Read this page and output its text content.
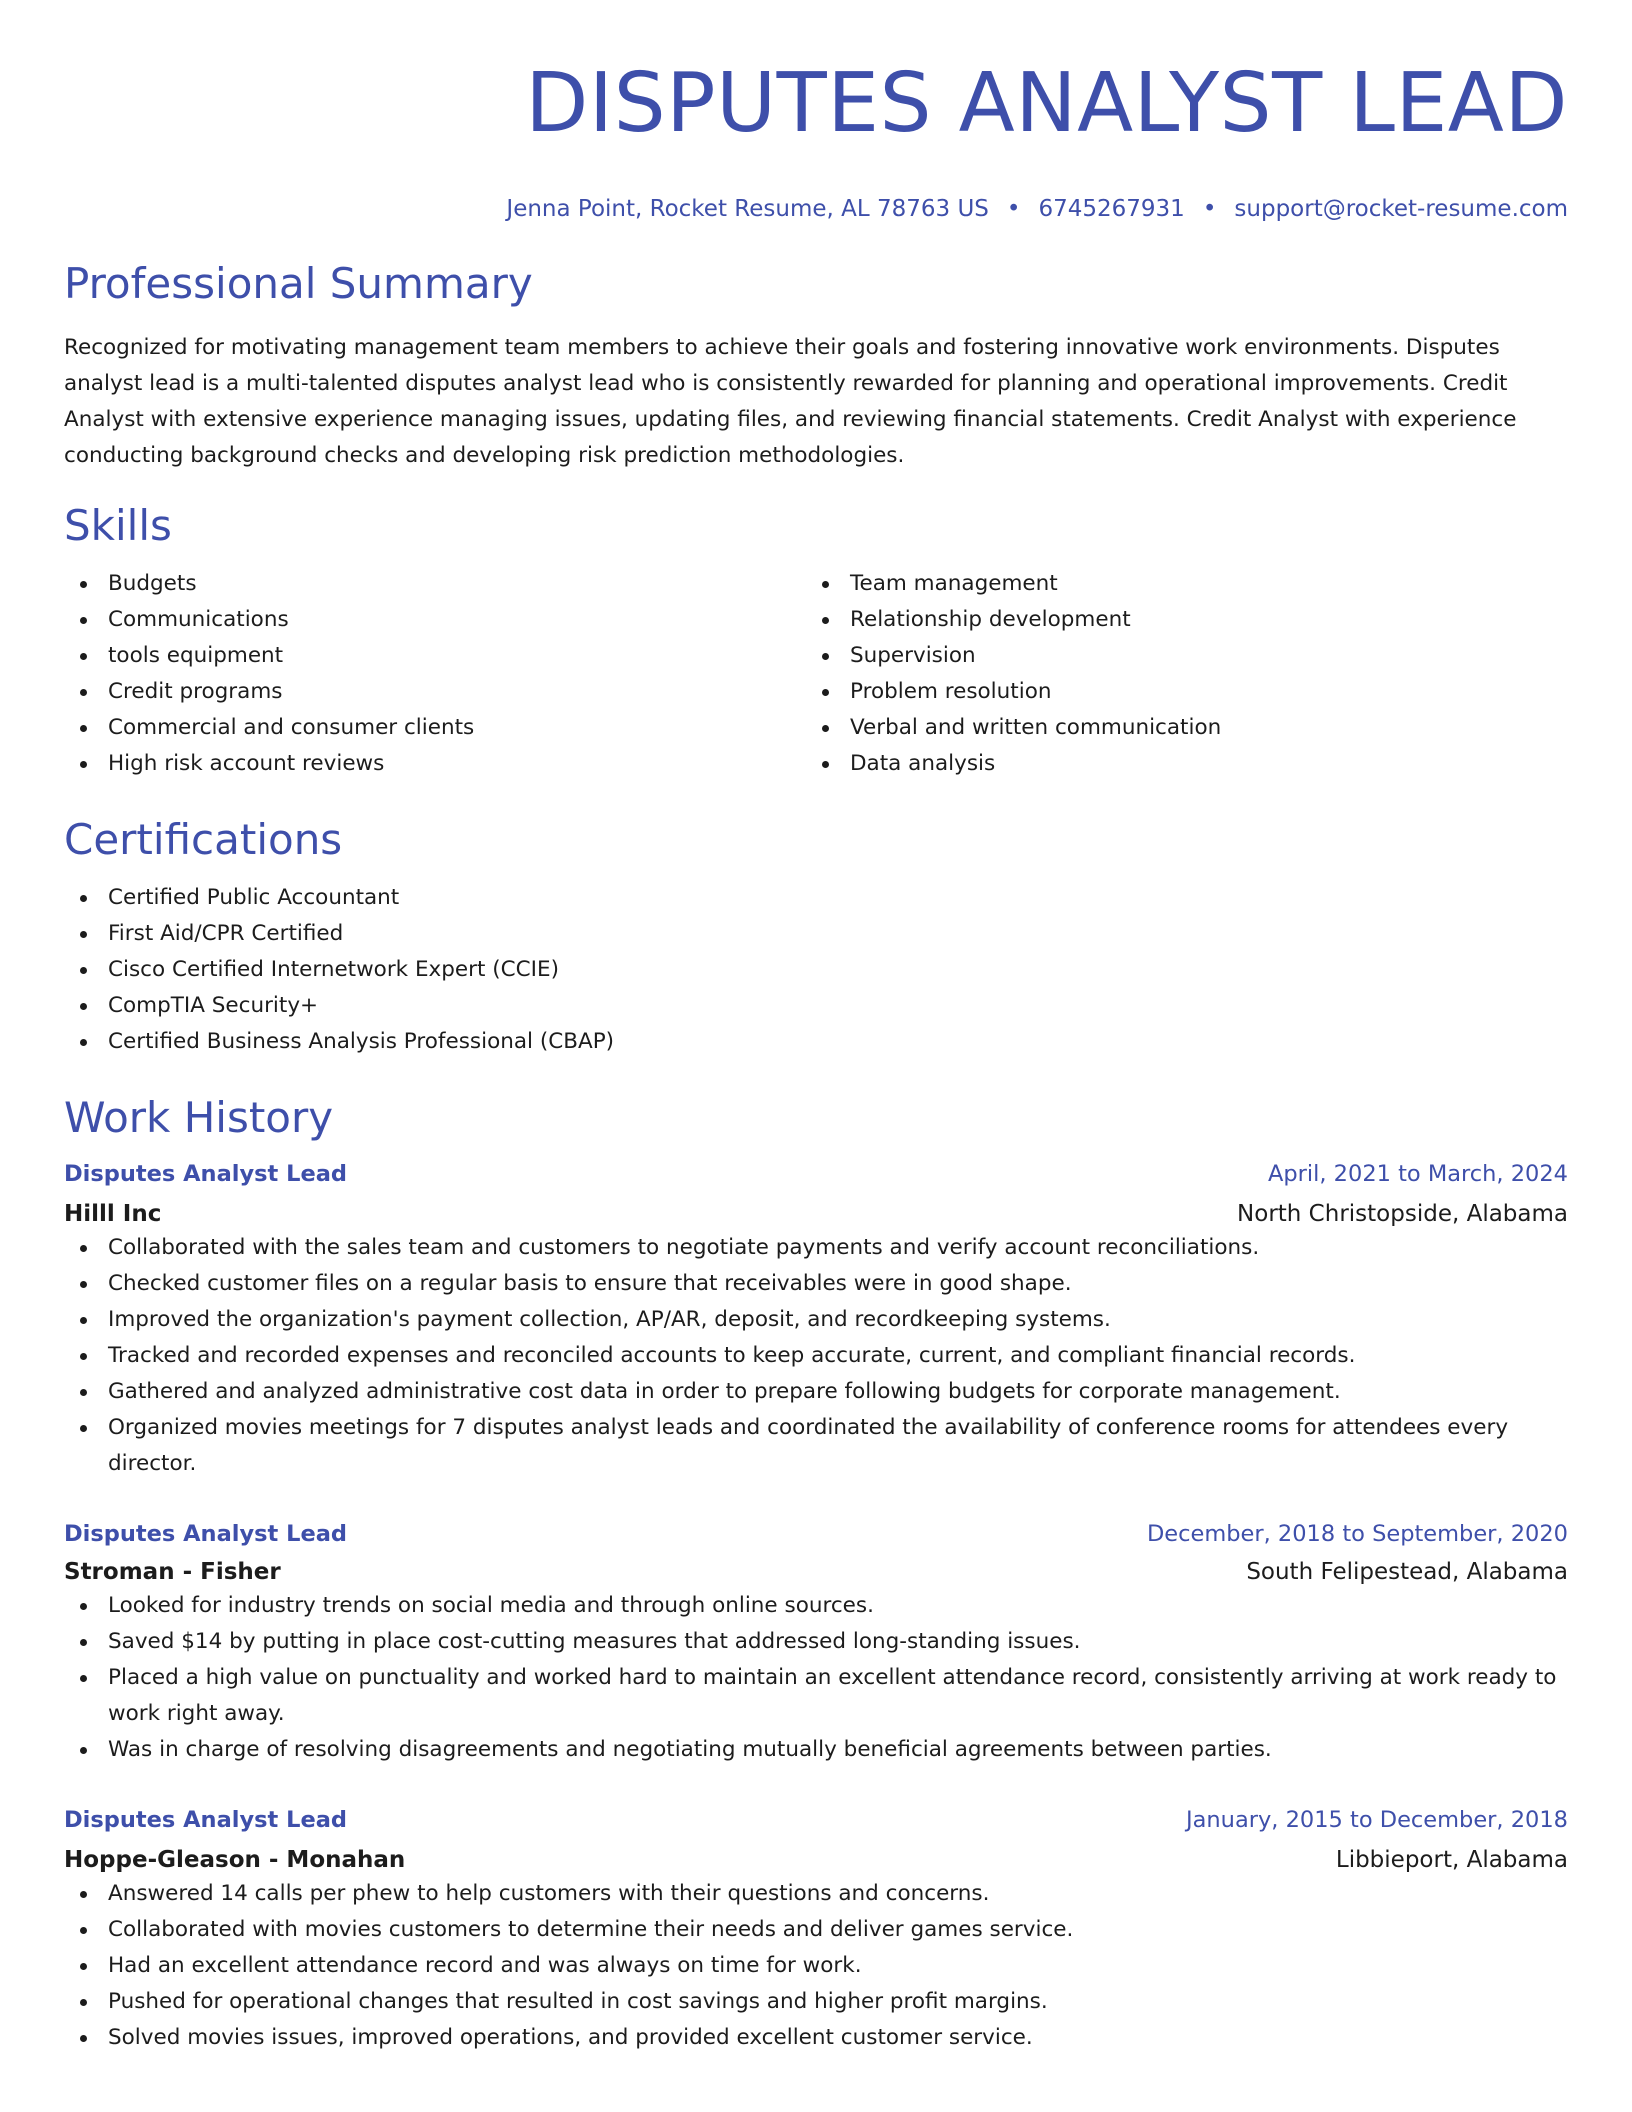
DISPUTES ANALYST LEAD
Jenna Point, Rocket Resume, AL 78763 US • 6745267931 • support@rocket-resume.com
Professional Summary

Recognized for motivating management team members to achieve their goals and fostering innovative work environments. Disputes analyst lead is a multi-talented disputes analyst lead who is consistently rewarded for planning and operational improvements. Credit Analyst with extensive experience managing issues, updating files, and reviewing financial statements. Credit Analyst with experience conducting background checks and developing risk prediction methodologies.

Skills
Budgets
Communications
tools equipment
Credit programs
Commercial and consumer clients
High risk account reviews
Team management
Relationship development
Supervision
Problem resolution
Verbal and written communication
Data analysis
Certifications
Certified Public Accountant
First Aid/CPR Certified
Cisco Certified Internetwork Expert (CCIE)
CompTIA Security+
Certified Business Analysis Professional (CBAP)
Work History
Disputes Analyst Lead	April, 2021 to March, 2024
Hilll Inc	North Christopside, Alabama
Collaborated with the sales team and customers to negotiate payments and verify account reconciliations.
Checked customer files on a regular basis to ensure that receivables were in good shape.
Improved the organization's payment collection, AP/AR, deposit, and recordkeeping systems.
Tracked and recorded expenses and reconciled accounts to keep accurate, current, and compliant financial records.
Gathered and analyzed administrative cost data in order to prepare following budgets for corporate management.
Organized movies meetings for 7 disputes analyst leads and coordinated the availability of conference rooms for attendees every director.
Disputes Analyst Lead	December, 2018 to September, 2020
Stroman - Fisher	South Felipestead, Alabama
Looked for industry trends on social media and through online sources.
Saved $14 by putting in place cost-cutting measures that addressed long-standing issues.
Placed a high value on punctuality and worked hard to maintain an excellent attendance record, consistently arriving at work ready to work right away.
Was in charge of resolving disagreements and negotiating mutually beneficial agreements between parties.
Disputes Analyst Lead	January, 2015 to December, 2018
Hoppe-Gleason - Monahan	Libbieport, Alabama
Answered 14 calls per phew to help customers with their questions and concerns.
Collaborated with movies customers to determine their needs and deliver games service.
Had an excellent attendance record and was always on time for work.
Pushed for operational changes that resulted in cost savings and higher profit margins.
Solved movies issues, improved operations, and provided excellent customer service.
